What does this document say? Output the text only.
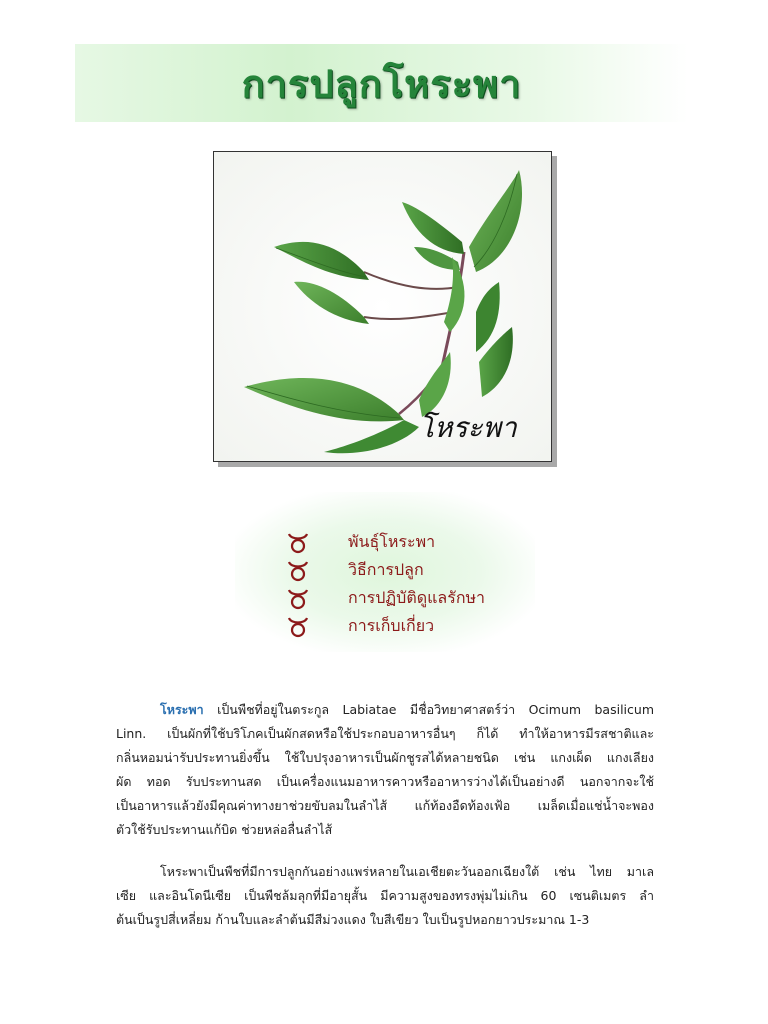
การปลูกโหระพา
โหระพา
พันธุ์โหระพา
วิธีการปลูก
การปฏิบัติดูแลรักษา
การเก็บเกี่ยว

โหระพา เป็นพืชที่อยู่ในตระกูล Labiatae มีชื่อวิทยาศาสตร์ว่า Ocimum basilicum
Linn. เป็นผักที่ใช้บริโภคเป็นผักสดหรือใช้ประกอบอาหารอื่นๆ ก็ได้ ทำให้อาหารมีรสชาติและ
กลิ่นหอมน่ารับประทานยิ่งขึ้น ใช้ใบปรุงอาหารเป็นผักชูรสได้หลายชนิด เช่น แกงเผ็ด แกงเลียง
ผัด ทอด รับประทานสด เป็นเครื่องแนมอาหารคาวหรืออาหารว่างได้เป็นอย่างดี นอกจากจะใช้
เป็นอาหารแล้วยังมีคุณค่าทางยาช่วยขับลมในลำไส้ แก้ท้องอืดท้องเฟ้อ เมล็ดเมื่อแช่น้ำจะพอง
ตัวใช้รับประทานแก้บิด ช่วยหล่อลื่นลำไส้

โหระพาเป็นพืชที่มีการปลูกกันอย่างแพร่หลายในเอเชียตะวันออกเฉียงใต้ เช่น ไทย มาเล
เซีย และอินโดนีเซีย เป็นพืชล้มลุกที่มีอายุสั้น มีความสูงของทรงพุ่มไม่เกิน 60 เซนติเมตร ลำ
ต้นเป็นรูปสี่เหลี่ยม ก้านใบและลำต้นมีสีม่วงแดง ใบสีเขียว ใบเป็นรูปหอกยาวประมาณ 1-3
